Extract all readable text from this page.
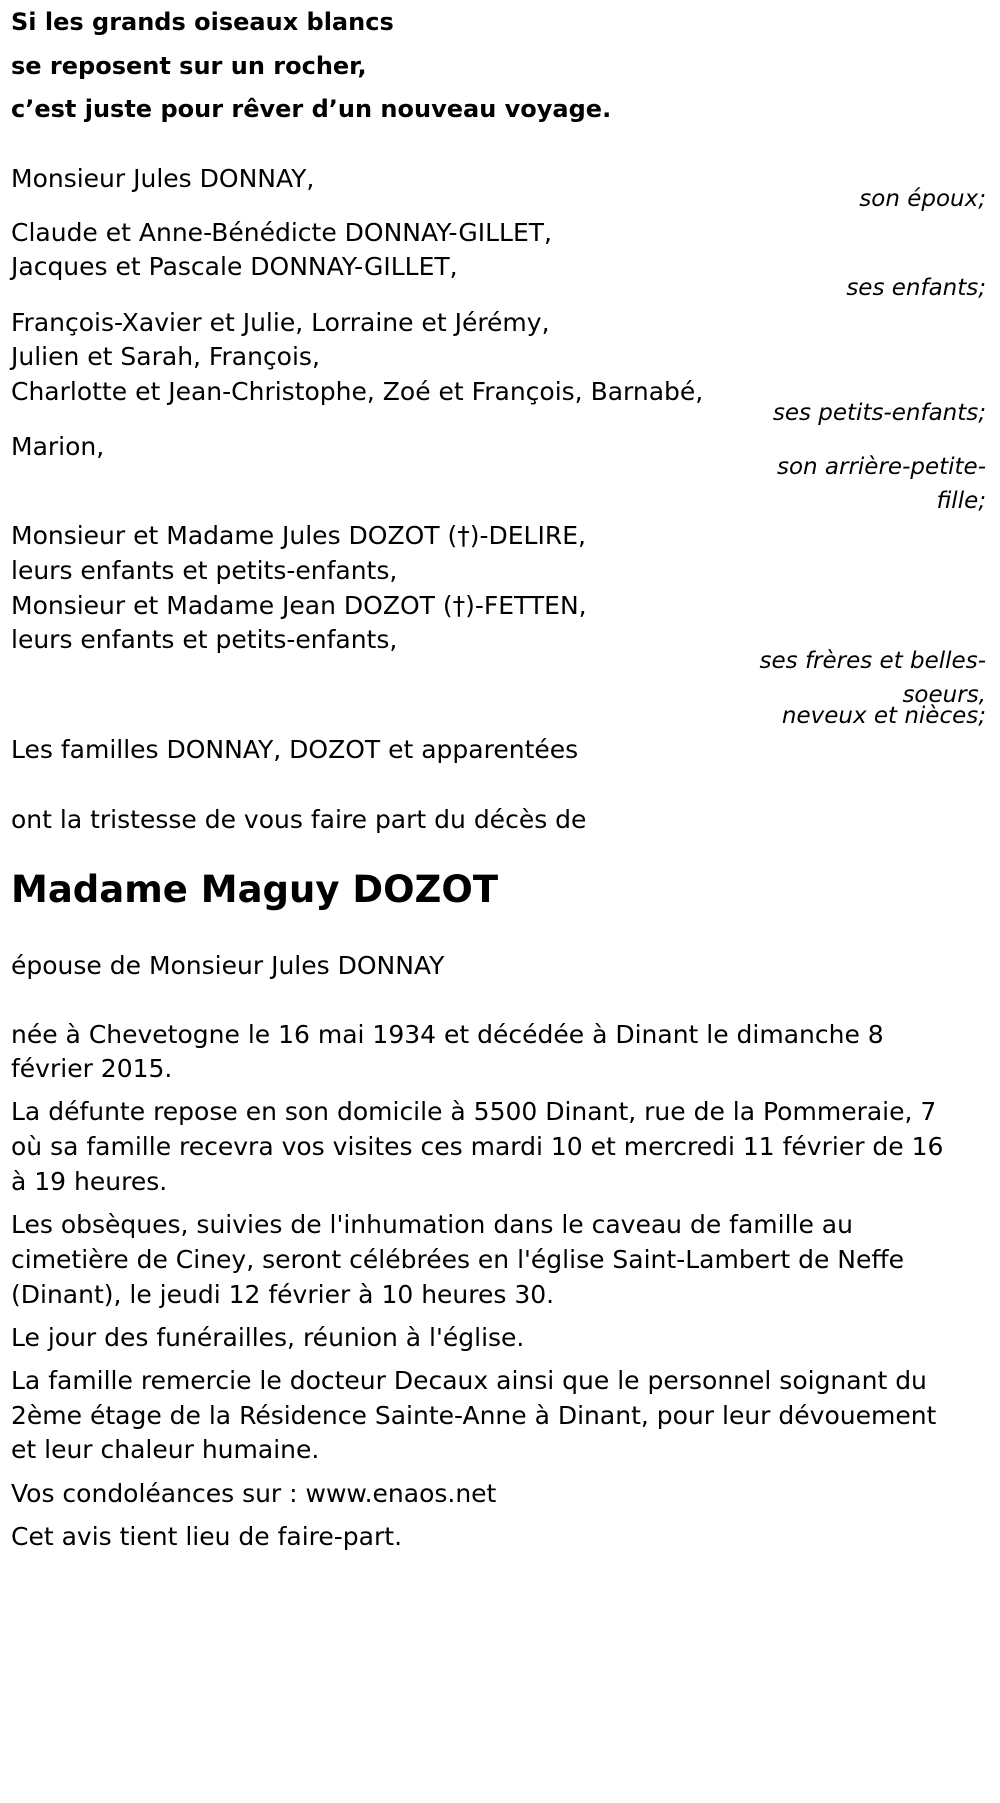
Si les grands oiseaux blancs
se reposent sur un rocher,
c’est juste pour rêver d’un nouveau voyage.
Monsieur Jules DONNAY,
son époux;
Claude et Anne-Bénédicte DONNAY-GILLET,
Jacques et Pascale DONNAY-GILLET,
ses enfants;
François-Xavier et Julie, Lorraine et Jérémy,
Julien et Sarah, François,
Charlotte et Jean-Christophe, Zoé et François, Barnabé,
ses petits-enfants;
Marion,
son arrière-petite-
fille;
Monsieur et Madame Jules DOZOT (†)-DELIRE,
leurs enfants et petits-enfants,
Monsieur et Madame Jean DOZOT (†)-FETTEN,
leurs enfants et petits-enfants,
ses frères et belles-
soeurs,
neveux et nièces;
Les familles DONNAY, DOZOT et apparentées
ont la tristesse de vous faire part du décès de
Madame Maguy DOZOT
épouse de Monsieur Jules DONNAY
née à Chevetogne le 16 mai 1934 et décédée à Dinant le dimanche 8
février 2015.
La défunte repose en son domicile à 5500 Dinant, rue de la Pommeraie, 7
où sa famille recevra vos visites ces mardi 10 et mercredi 11 février de 16
à 19 heures.
Les obsèques, suivies de l'inhumation dans le caveau de famille au
cimetière de Ciney, seront célébrées en l'église Saint-Lambert de Neffe
(Dinant), le jeudi 12 février à 10 heures 30.
Le jour des funérailles, réunion à l'église.
La famille remercie le docteur Decaux ainsi que le personnel soignant du
2ème étage de la Résidence Sainte-Anne à Dinant, pour leur dévouement
et leur chaleur humaine.
Vos condoléances sur : www.enaos.net
Cet avis tient lieu de faire-part.
